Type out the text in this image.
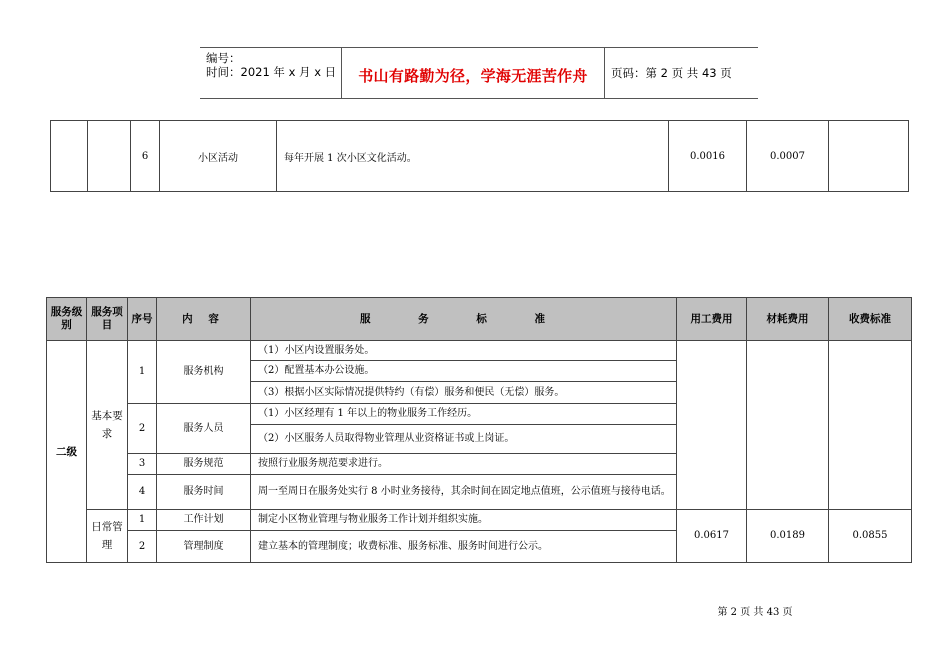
编号：
时间：2021 年 x 月 x 日	书山有路勤为径，学海无涯苦作舟	页码：第 2 页 共 43 页
		6	小区活动	每年开展 1 次小区文化活动。	0.0016	0.0007	
服务级别	服务项目	序号	内 容	服 务 标 准	用工费用	材耗费用	收费标准
二级	基本要求	1	服务机构	（1）小区内设置服务处。			
				（2）配置基本办公设施。			
				（3）根据小区实际情况提供特约（有偿）服务和便民（无偿）服务。			
		2	服务人员	（1）小区经理有 1 年以上的物业服务工作经历。			
				（2）小区服务人员取得物业管理从业资格证书或上岗证。			
		3	服务规范	按照行业服务规范要求进行。			
		4	服务时间	周一至周日在服务处实行 8 小时业务接待，其余时间在固定地点值班，公示值班与接待电话。			
	日常管理	1	工作计划	制定小区物业管理与物业服务工作计划并组织实施。	0.0617	0.0189	0.0855
		2	管理制度	建立基本的管理制度；收费标准、服务标准、服务时间进行公示。			
第 2 页 共 43 页
